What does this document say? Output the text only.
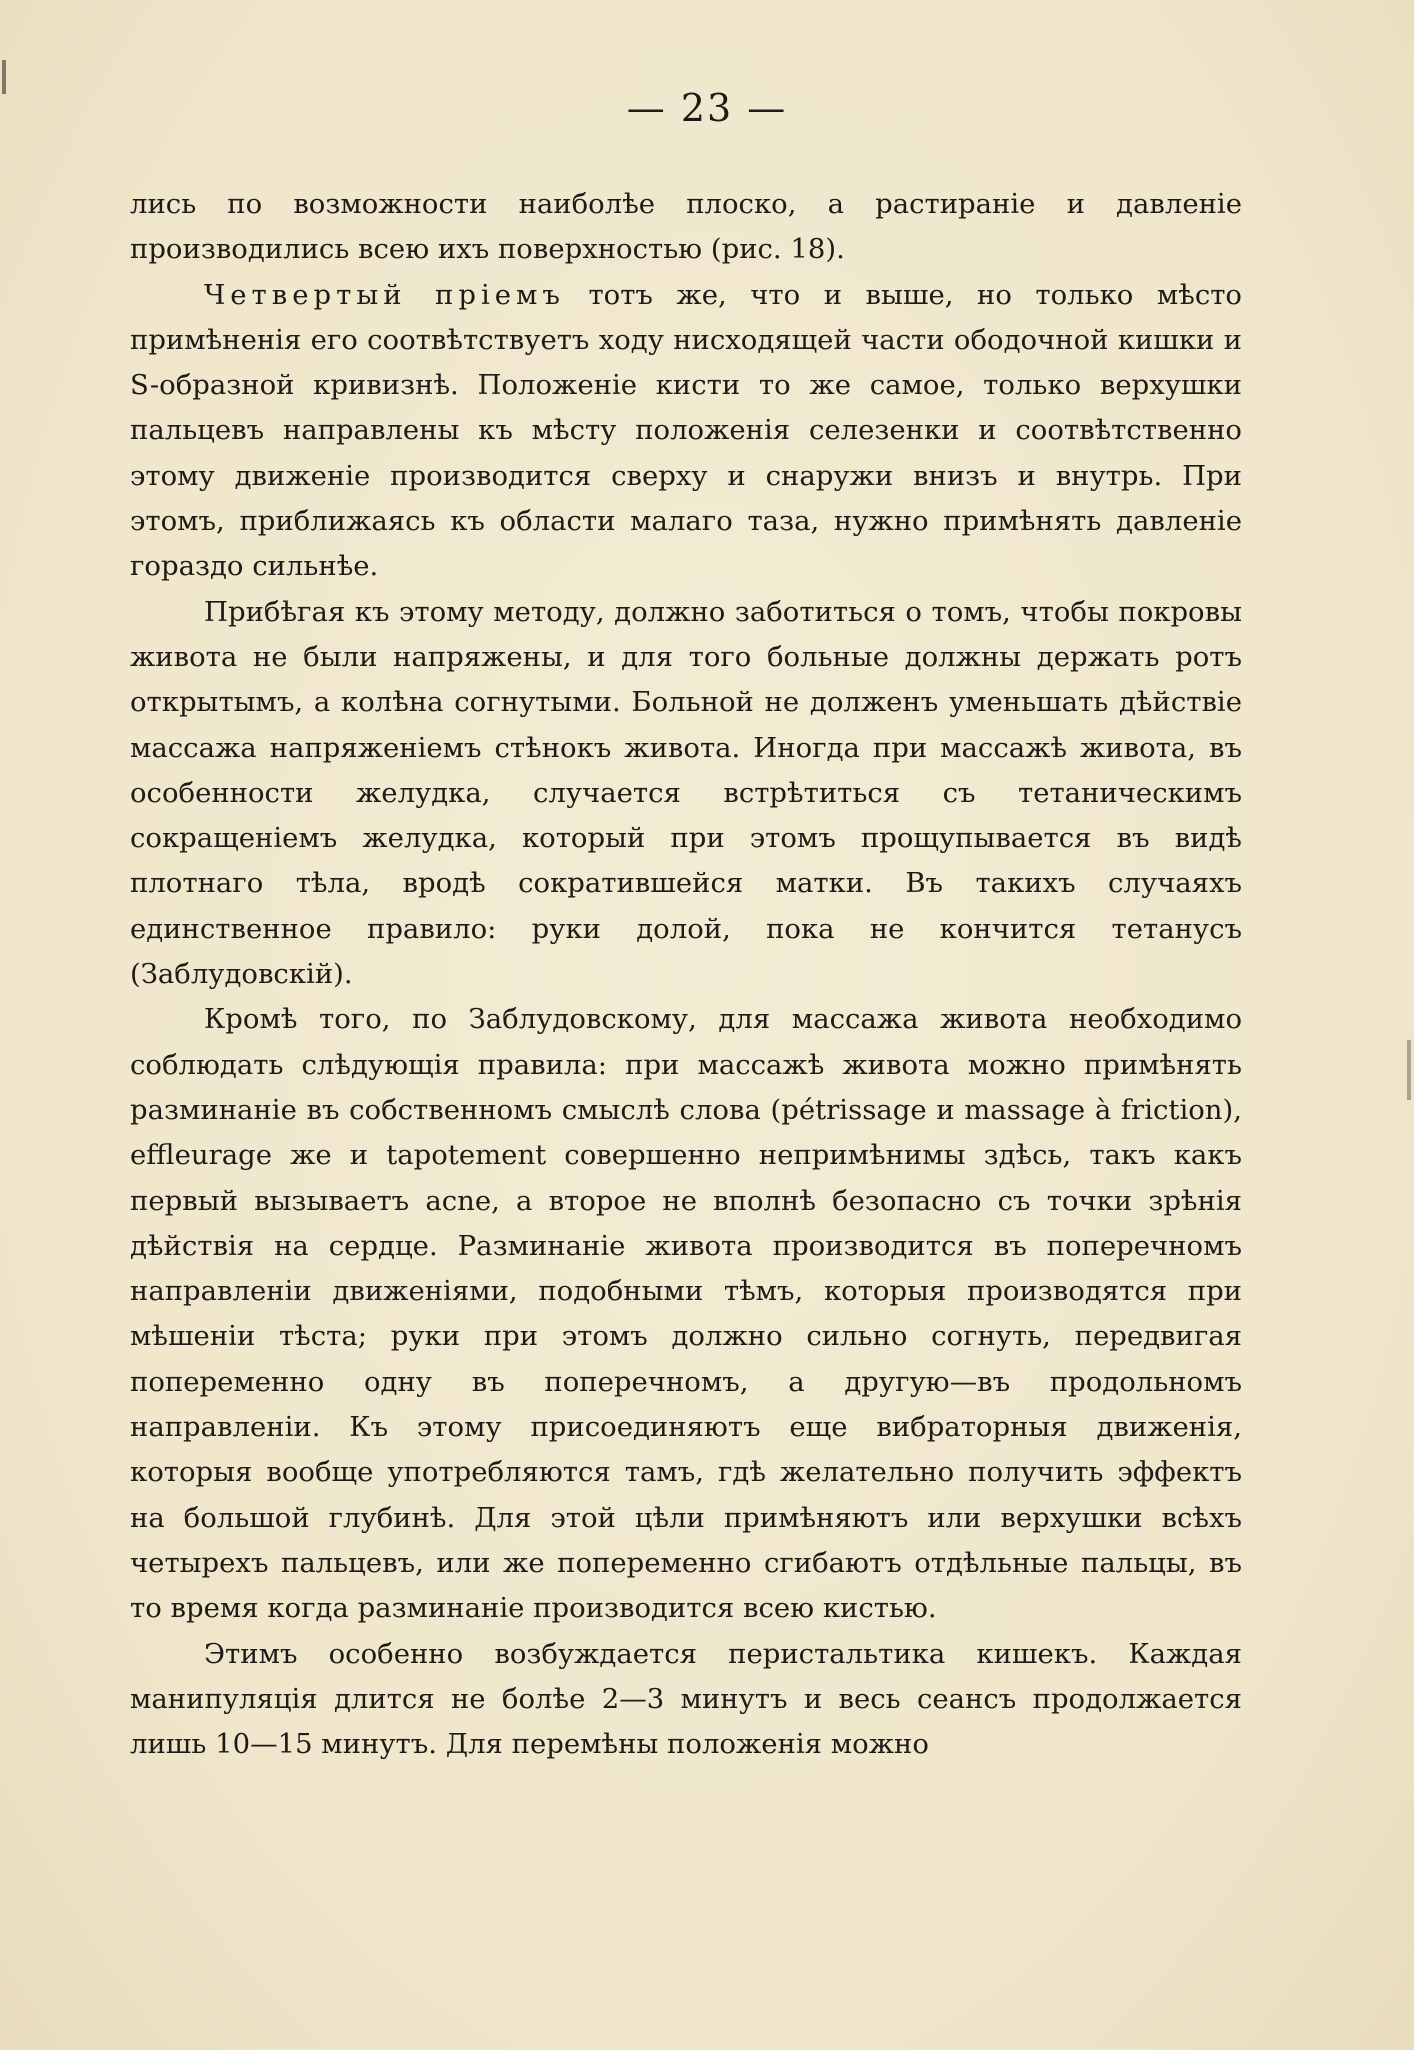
— 23 —

лись по возможности наиболѣе плоско, а растираніе и давленіе производились всею ихъ поверхностью (рис. 18).

Четвертый пріемъ тотъ же, что и выше, но только мѣсто примѣненія его соотвѣтствуетъ ходу нисходящей части ободочной кишки и S-образной кривизнѣ. Положеніе кисти то же самое, только верхушки пальцевъ направлены къ мѣсту положенія селезенки и соотвѣтственно этому движеніе производится сверху и снаружи внизъ и внутрь. При этомъ, приближаясь къ области малаго таза, нужно примѣнять давленіе гораздо сильнѣе.

Прибѣгая къ этому методу, должно заботиться о томъ, чтобы покровы живота не были напряжены, и для того больные должны держать ротъ открытымъ, а колѣна согнутыми. Больной не долженъ уменьшать дѣйствіе массажа напряженіемъ стѣнокъ живота. Иногда при массажѣ живота, въ особенности желудка, случается встрѣтиться съ тетаническимъ сокращеніемъ желудка, который при этомъ прощупывается въ видѣ плотнаго тѣла, вродѣ сократившейся матки. Въ такихъ случаяхъ единственное правило: руки долой, пока не кончится тетанусъ (Заблудовскій).

Кромѣ того, по Заблудовскому, для массажа живота необходимо соблюдать слѣдующія правила: при массажѣ живота можно примѣнять разминаніе въ собственномъ смыслѣ слова (pétrissage и massage à friction), effleurage же и tapotement совершенно непримѣнимы здѣсь, такъ какъ первый вызываетъ acne, а второе не вполнѣ безопасно съ точки зрѣнія дѣйствія на сердце. Разминаніе живота производится въ поперечномъ направленіи движеніями, подобными тѣмъ, которыя производятся при мѣшеніи тѣста; руки при этомъ должно сильно согнуть, передвигая попеременно одну въ поперечномъ, а другую—въ продольномъ направленіи. Къ этому присоединяютъ еще вибраторныя движенія, которыя вообще употребляются тамъ, гдѣ желательно получить эффектъ на большой глубинѣ. Для этой цѣли примѣняютъ или верхушки всѣхъ четырехъ пальцевъ, или же попеременно сгибаютъ отдѣльные пальцы, въ то время когда разминаніе производится всею кистью.

Этимъ особенно возбуждается перистальтика кишекъ. Каждая манипуляція длится не болѣе 2—3 минутъ и весь сеансъ продолжается лишь 10—15 минутъ. Для перемѣны положенія можно
